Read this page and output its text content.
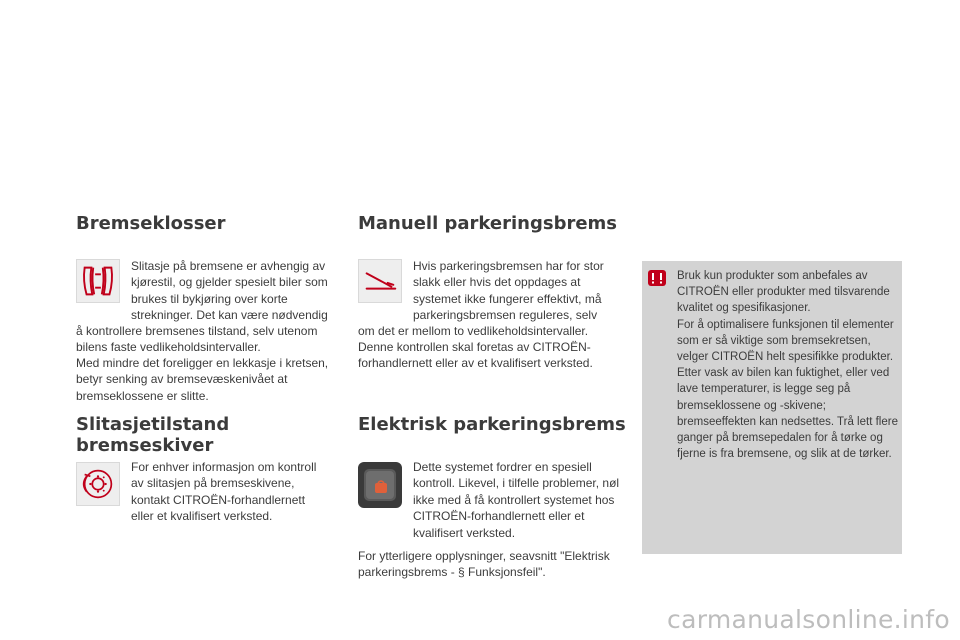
Bremseklosser

Slitasje på bremsene er avhengig av kjørestil, og gjelder spesielt biler som brukes til bykjøring over korte strekninger. Det kan være nødvendig

å kontrollere bremsenes tilstand, selv utenom bilens faste vedlikeholdsintervaller.

Med mindre det foreligger en lekkasje i kretsen, betyr senking av bremsevæskenivået at bremseklossene er slitte.

Slitasjetilstand
bremseskiver

For enhver informasjon om kontroll av slitasjen på bremseskivene, kontakt CITROËN-forhandlernett eller et kvalifisert verksted.

Manuell parkeringsbrems

Hvis parkeringsbremsen har for stor slakk eller hvis det oppdages at systemet ikke fungerer effektivt, må parkeringsbremsen reguleres, selv

om det er mellom to vedlikeholdsintervaller.

Denne kontrollen skal foretas av CITROËN-forhandlernett eller av et kvalifisert verksted.

Elektrisk parkeringsbrems

Dette systemet fordrer en spesiell kontroll. Likevel, i tilfelle problemer, nøl ikke med å få kontrollert systemet hos CITROËN-forhandlernett eller et kvalifisert verksted.

For ytterligere opplysninger, seavsnitt "Elektrisk parkeringsbrems - § Funksjonsfeil".

Bruk kun produkter som anbefales av CITROËN eller produkter med tilsvarende kvalitet og spesifikasjoner.
For å optimalisere funksjonen til elementer som er så viktige som bremsekretsen, velger CITROËN helt spesifikke produkter.
Etter vask av bilen kan fuktighet, eller ved lave temperaturer, is legge seg på bremseklossene og -skivene; bremseeffekten kan nedsettes. Trå lett flere ganger på bremsepedalen for å tørke og fjerne is fra bremsene, og slik at de tørker.
carmanualsonline.info
